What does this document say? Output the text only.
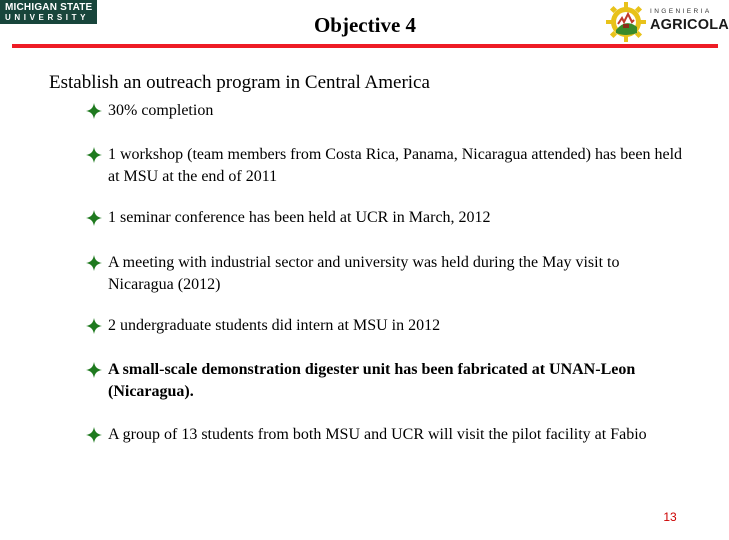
MICHIGAN STATE
UNIVERSITY	Objective 4
INGENIERIA
AGRICOLA
Establish an outreach program in Central America
30% completion
1 workshop (team members from Costa Rica, Panama, Nicaragua attended) has been held at MSU at the end of 2011
1 seminar conference has been held at UCR in March, 2012
A meeting with industrial sector and university was held during the May visit to Nicaragua (2012)
2 undergraduate students did intern at MSU in 2012
A small-scale demonstration digester unit has been fabricated at UNAN-Leon (Nicaragua).
A group of 13 students from both MSU and UCR will visit the pilot facility at Fabio
13
